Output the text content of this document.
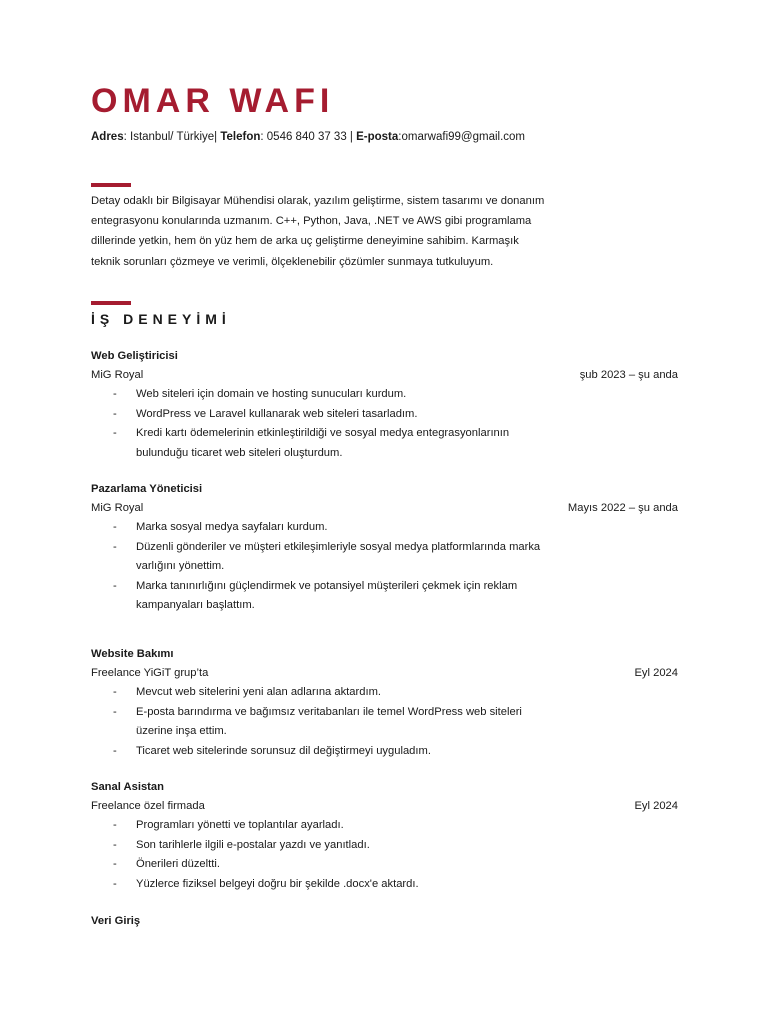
OMAR WAFI
Adres: Istanbul/ Türkiye| Telefon: 0546 840 37 33 | E-posta:omarwafi99@gmail.com
Detay odaklı bir Bilgisayar Mühendisi olarak, yazılım geliştirme, sistem tasarımı ve donanım entegrasyonu konularında uzmanım. C++, Python, Java, .NET ve AWS gibi programlama dillerinde yetkin, hem ön yüz hem de arka uç geliştirme deneyimine sahibim. Karmaşık teknik sorunları çözmeye ve verimli, ölçeklenebilir çözümler sunmaya tutkuluyum.
İŞ DENEYİMİ
Web Geliştiricisi
MiG Royal	şub 2023 – şu anda
- Web siteleri için domain ve hosting sunucuları kurdum.
- WordPress ve Laravel kullanarak web siteleri tasarladım.
- Kredi kartı ödemelerinin etkinleştirildiği ve sosyal medya entegrasyonlarının bulunduğu ticaret web siteleri oluşturdum.
Pazarlama Yöneticisi
MiG Royal	Mayıs 2022 – şu anda
- Marka sosyal medya sayfaları kurdum.
- Düzenli gönderiler ve müşteri etkileşimleriyle sosyal medya platformlarında marka varlığını yönettim.
- Marka tanınırlığını güçlendirmek ve potansiyel müşterileri çekmek için reklam kampanyaları başlattım.
Website Bakımı
Freelance YiGiT grup’ta	Eyl 2024
- Mevcut web sitelerini yeni alan adlarına aktardım.
- E-posta barındırma ve bağımsız veritabanları ile temel WordPress web siteleri üzerine inşa ettim.
- Ticaret web sitelerinde sorunsuz dil değiştirmeyi uyguladım.
Sanal Asistan
Freelance özel firmada	Eyl 2024
- Programları yönetti ve toplantılar ayarladı.
- Son tarihlerle ilgili e-postalar yazdı ve yanıtladı.
- Önerileri düzeltti.
- Yüzlerce fiziksel belgeyi doğru bir şekilde .docx'e aktardı.
Veri Giriş
